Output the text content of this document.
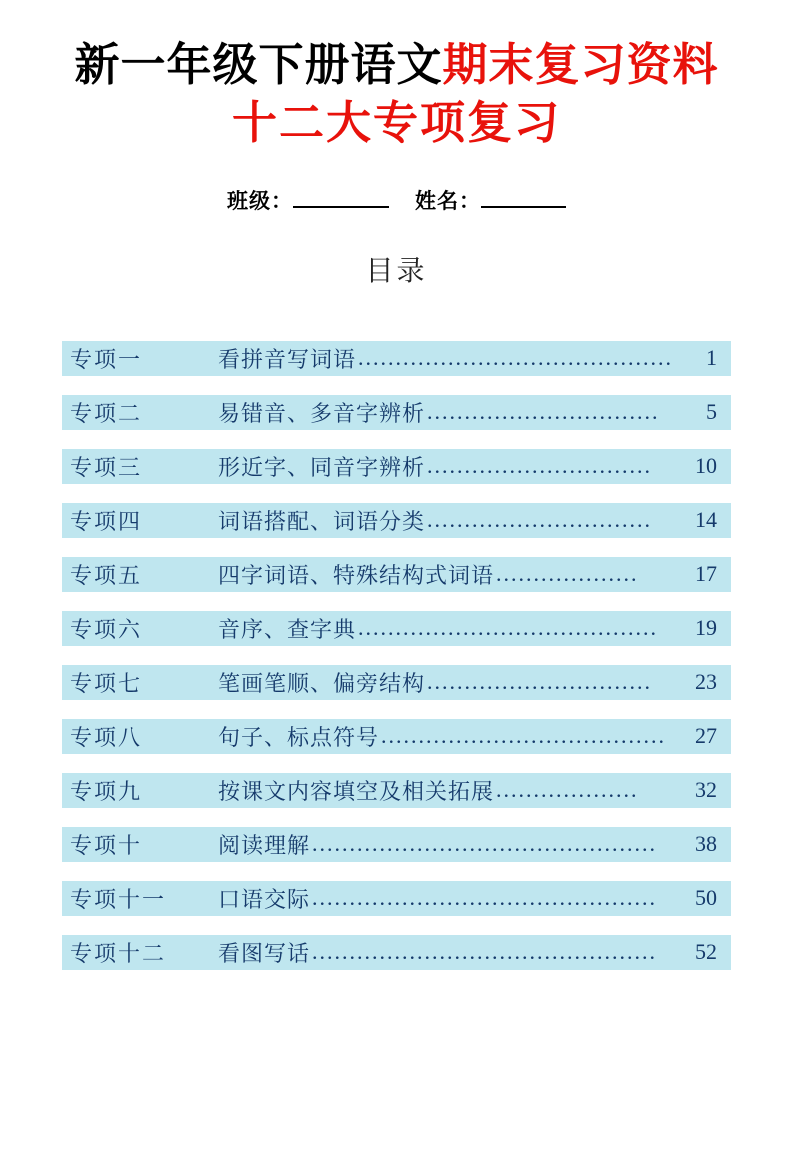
新一年级下册语文期末复习资料
十二大专项复习
班级：	姓名：
目录
专项一	看拼音写词语 ..........................................	1
专项二	易错音、多音字辨析 ...............................	5
专项三	形近字、同音字辨析 ..............................	10
专项四	词语搭配、词语分类 ..............................	14
专项五	四字词语、特殊结构式词语 ...................	17
专项六	音序、查字典 ........................................	19
专项七	笔画笔顺、偏旁结构 ..............................	23
专项八	句子、标点符号 ......................................	27
专项九	按课文内容填空及相关拓展 ...................	32
专项十	阅读理解 ..............................................	38
专项十一	口语交际 ..............................................	50
专项十二	看图写话 ..............................................	52
